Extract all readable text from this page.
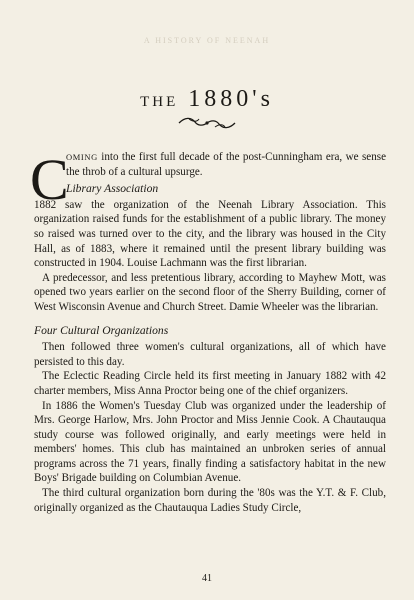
A HISTORY OF NEENAH
THE 1880's
C

OMING into the first full decade of the post-Cunningham era, we sense the throb of a cultural upsurge.

Library Association

1882 saw the organization of the Neenah Library Association. This organization raised funds for the establishment of a public library. The money so raised was turned over to the city, and the library was housed in the City Hall, as of 1883, where it remained until the present library building was constructed in 1904. Louise Lachmann was the first librarian.

A predecessor, and less pretentious library, according to Mayhew Mott, was opened two years earlier on the second floor of the Sherry Building, corner of West Wisconsin Avenue and Church Street. Damie Wheeler was the librarian.

Four Cultural Organizations

Then followed three women's cultural organizations, all of which have persisted to this day.

The Eclectic Reading Circle held its first meeting in January 1882 with 42 charter members, Miss Anna Proctor being one of the chief organizers.

In 1886 the Women's Tuesday Club was organized under the leadership of Mrs. George Harlow, Mrs. John Proctor and Miss Jennie Cook. A Chautauqua study course was followed originally, and early meetings were held in members' homes. This club has maintained an unbroken series of annual programs across the 71 years, finally finding a satisfactory habitat in the new Boys' Brigade building on Columbian Avenue.

The third cultural organization born during the '80s was the Y.T. & F. Club, originally organized as the Chautauqua Ladies Study Circle,

41
